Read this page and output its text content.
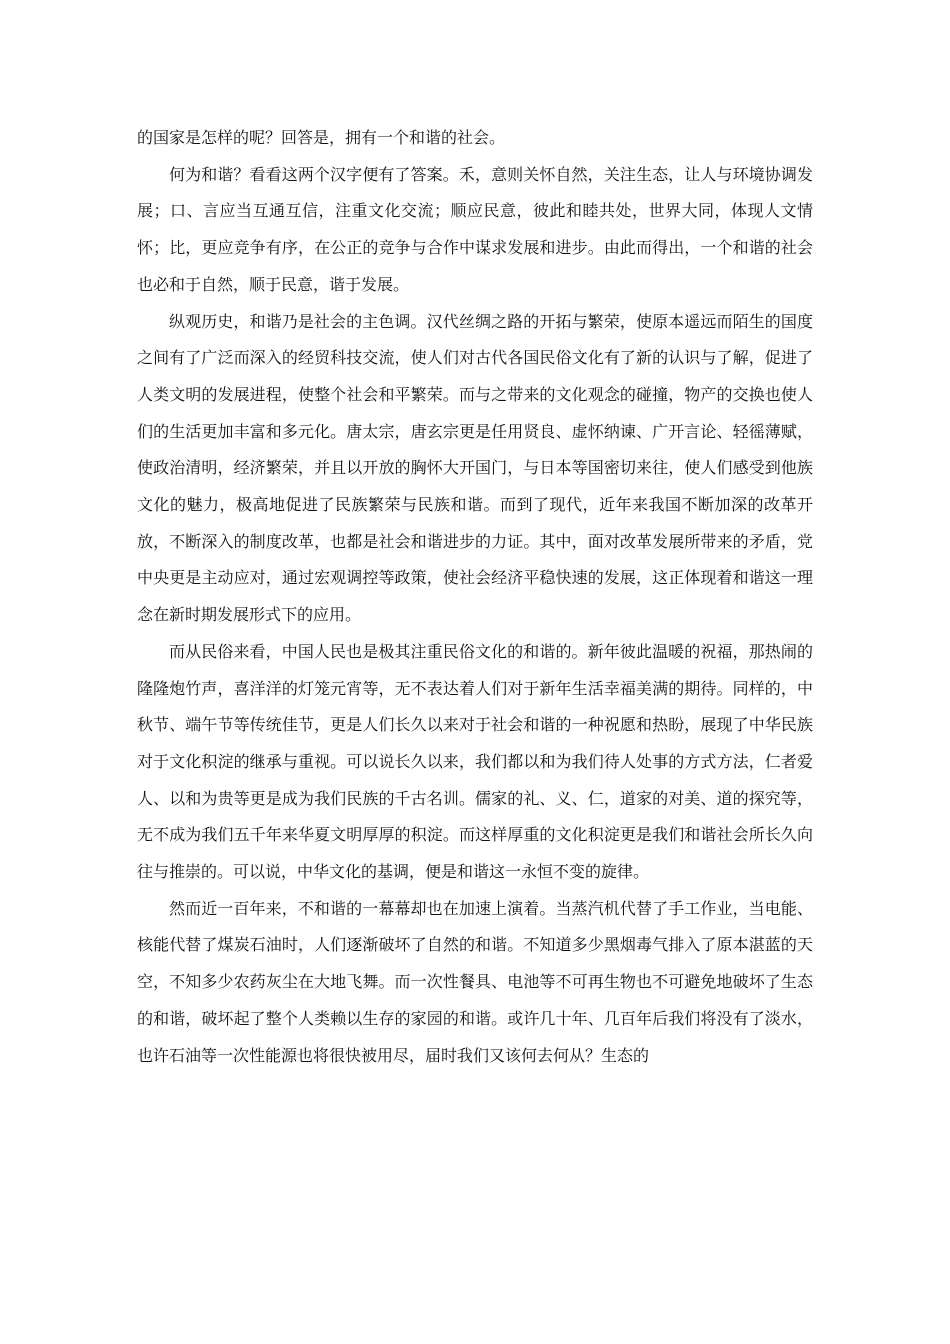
的国家是怎样的呢？回答是，拥有一个和谐的社会。

何为和谐？看看这两个汉字便有了答案。禾，意则关怀自然，关注生态，让人与环境协调发展；口、言应当互通互信，注重文化交流；顺应民意，彼此和睦共处，世界大同，体现人文情怀；比，更应竞争有序，在公正的竞争与合作中谋求发展和进步。由此而得出，一个和谐的社会也必和于自然，顺于民意，谐于发展。

纵观历史，和谐乃是社会的主色调。汉代丝绸之路的开拓与繁荣，使原本遥远而陌生的国度之间有了广泛而深入的经贸科技交流，使人们对古代各国民俗文化有了新的认识与了解，促进了人类文明的发展进程，使整个社会和平繁荣。而与之带来的文化观念的碰撞，物产的交换也使人们的生活更加丰富和多元化。唐太宗，唐玄宗更是任用贤良、虚怀纳谏、广开言论、轻徭薄赋，使政治清明，经济繁荣，并且以开放的胸怀大开国门，与日本等国密切来往，使人们感受到他族文化的魅力，极高地促进了民族繁荣与民族和谐。而到了现代，近年来我国不断加深的改革开放，不断深入的制度改革，也都是社会和谐进步的力证。其中，面对改革发展所带来的矛盾，党中央更是主动应对，通过宏观调控等政策，使社会经济平稳快速的发展，这正体现着和谐这一理念在新时期发展形式下的应用。

而从民俗来看，中国人民也是极其注重民俗文化的和谐的。新年彼此温暖的祝福，那热闹的隆隆炮竹声，喜洋洋的灯笼元宵等，无不表达着人们对于新年生活幸福美满的期待。同样的，中秋节、端午节等传统佳节，更是人们长久以来对于社会和谐的一种祝愿和热盼，展现了中华民族对于文化积淀的继承与重视。可以说长久以来，我们都以和为我们待人处事的方式方法，仁者爱人、以和为贵等更是成为我们民族的千古名训。儒家的礼、义、仁，道家的对美、道的探究等，无不成为我们五千年来华夏文明厚厚的积淀。而这样厚重的文化积淀更是我们和谐社会所长久向往与推崇的。可以说，中华文化的基调，便是和谐这一永恒不变的旋律。

然而近一百年来，不和谐的一幕幕却也在加速上演着。当蒸汽机代替了手工作业，当电能、核能代替了煤炭石油时，人们逐渐破坏了自然的和谐。不知道多少黑烟毒气排入了原本湛蓝的天空，不知多少农药灰尘在大地飞舞。而一次性餐具、电池等不可再生物也不可避免地破坏了生态的和谐，破坏起了整个人类赖以生存的家园的和谐。或许几十年、几百年后我们将没有了淡水，也许石油等一次性能源也将很快被用尽，届时我们又该何去何从？生态的
